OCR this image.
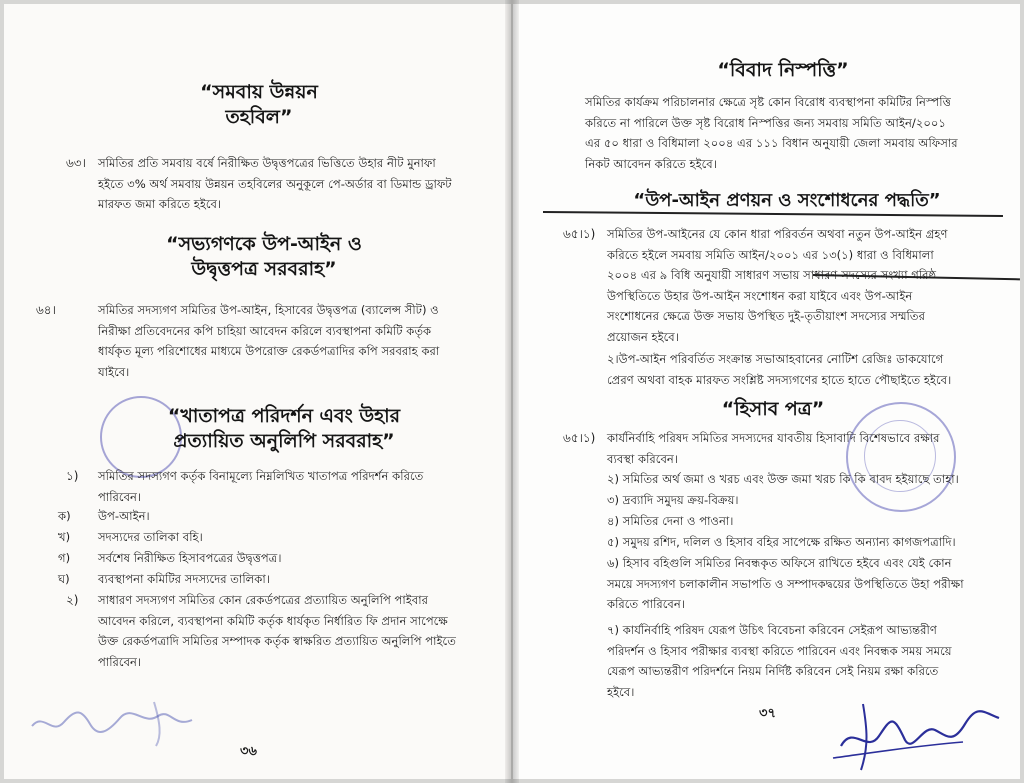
“সমবায় উন্নয়ন
তহবিল”
৬৩। সমিতির প্রতি সমবায় বর্ষে নিরীক্ষিত উদ্বৃত্তপত্রের ভিত্তিতে উহার নীট মুনাফা
হইতে ৩% অর্থ সমবায় উন্নয়ন তহবিলের অনুকূলে পে-অর্ডার বা ডিমান্ড ড্রাফট
মারফত জমা করিতে হইবে।
“সভ্যগণকে উপ-আইন ও
উদ্বৃত্তপত্র সরবরাহ”
৬৪।	সমিতির সদস্যগণ সমিতির উপ-আইন, হিসাবের উদ্বৃত্তপত্র (ব্যালেন্স সীট) ও
নিরীক্ষা প্রতিবেদনের কপি চাহিয়া আবেদন করিলে ব্যবস্থাপনা কমিটি কর্তৃক
ধার্যকৃত মূল্য পরিশোধের মাধ্যমে উপরোক্ত রেকর্ডপত্রাদির কপি সরবরাহ করা
যাইবে।
“খাতাপত্র পরিদর্শন এবং উহার
প্রত্যায়িত অনুলিপি সরবরাহ”
১) সমিতির সদস্যগণ কর্তৃক বিনামূল্যে নিম্নলিখিত খাতাপত্র পরিদর্শন করিতে
পারিবেন।
ক) উপ-আইন।
খ) সদস্যদের তালিকা বহি।
গ) সর্বশেষ নিরীক্ষিত হিসাবপত্রের উদ্বৃত্তপত্র।
ঘ) ব্যবস্থাপনা কমিটির সদস্যদের তালিকা।
২) সাধারণ সদস্যগণ সমিতির কোন রেকর্ডপত্রের প্রত্যায়িত অনুলিপি পাইবার
আবেদন করিলে, ব্যবস্থাপনা কমিটি কর্তৃক ধার্যকৃত নির্ধারিত ফি প্রদান সাপেক্ষে
উক্ত রেকর্ডপত্রাদি সমিতির সম্পাদক কর্তৃক স্বাক্ষরিত প্রত্যায়িত অনুলিপি পাইতে
পারিবেন।
৩৬
“বিবাদ নিস্পত্তি”
সমিতির কার্যক্রম পরিচালনার ক্ষেত্রে সৃষ্ট কোন বিরোধ ব্যবস্থাপনা কমিটির নিস্পত্তি
করিতে না পারিলে উক্ত সৃষ্ট বিরোধ নিস্পত্তির জন্য সমবায় সমিতি আইন/২০০১
এর ৫০ ধারা ও বিধিমালা ২০০৪ এর ১১১ বিধান অনুযায়ী জেলা সমবায় অফিসার
নিকট আবেদন করিতে হইবে।
“উপ-আইন প্রণয়ন ও সংশোধনের পদ্ধতি”
৬৫।১) সমিতির উপ-আইনের যে কোন ধারা পরিবর্তন অথবা নতুন উপ-আইন গ্রহণ
করিতে হইলে সমবায় সমিতি আইন/২০০১ এর ১৩(১) ধারা ও বিধিমালা
২০০৪ এর ৯ বিধি অনুযায়ী সাধারণ সভায় সাধারণ সদস্যের সংখ্যা গরিষ্ঠ
উপস্থিতিতে উহার উপ-আইন সংশোধন করা যাইবে এবং উপ-আইন
সংশোধনের ক্ষেত্রে উক্ত সভায় উপস্থিত দুই-তৃতীয়াংশ সদস্যের সম্মতির
প্রয়োজন হইবে।
২।উপ-আইন পরিবর্তিত সংক্রান্ত সভাআহবানের নোটিশ রেজিঃ ডাকযোগে
প্রেরণ অথবা বাহক মারফত সংশ্লিষ্ট সদস্যগণের হাতে হাতে পৌছাইতে হইবে।
“হিসাব পত্র”
৬৫।১) কার্যনির্বাহি পরিষদ সমিতির সদস্যদের যাবতীয় হিসাবাদি বিশেষভাবে রক্ষার
ব্যবস্থা করিবেন।
২) সমিতির অর্থ জমা ও খরচ এবং উক্ত জমা খরচ কি কি বাবদ হইয়াছে তাহা।
৩) দ্রব্যাদি সমুদয় ক্রয়-বিক্রয়।
৪) সমিতির দেনা ও পাওনা।
৫) সমুদয় রশিদ, দলিল ও হিসাব বহির সাপেক্ষে রক্ষিত অন্যান্য কাগজপত্রাদি।
৬) হিসাব বহিগুলি সমিতির নিবন্ধকৃত অফিসে রাখিতে হইবে এবং যেই কোন
সময়ে সদস্যগণ চলাকালীন সভাপতি ও সম্পাদকদ্বয়ের উপস্থিতিতে উহা পরীক্ষা
করিতে পারিবেন।
৭) কার্যনির্বাহি পরিষদ যেরূপ উচিৎ বিবেচনা করিবেন সেইরূপ আভ্যন্তরীণ
পরিদর্শন ও হিসাব পরীক্ষার ব্যবস্থা করিতে পারিবেন এবং নিবন্ধক সময় সময়ে
যেরূপ আভ্যন্তরীণ পরিদর্শনে নিয়ম নির্দিষ্ট করিবেন সেই নিয়ম রক্ষা করিতে
হইবে।
৩৭
